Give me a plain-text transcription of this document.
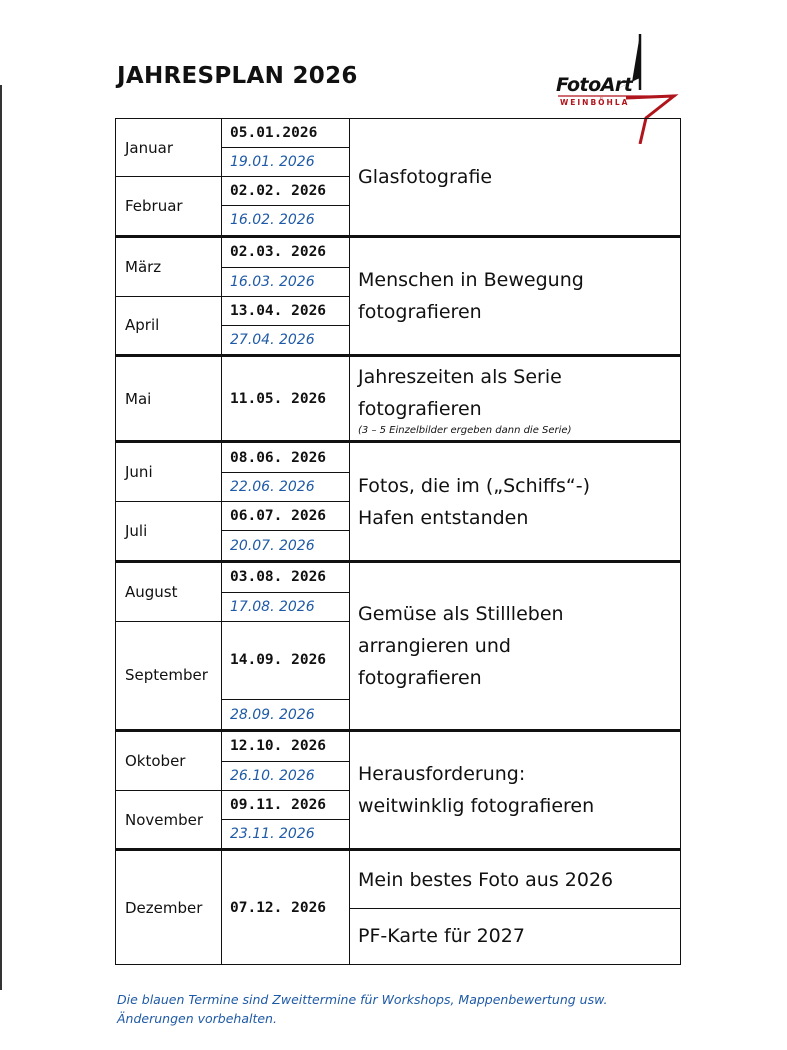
JAHRESPLAN 2026	FotoArt
WEINBÖHLA
Januar	05.01.2026	Glasfotografie
	19.01. 2026	
Februar	02.02. 2026	
	16.02. 2026	
März	02.03. 2026	Menschen in Bewegung
fotografieren

	16.03. 2026	
April	13.04. 2026	
	27.04. 2026	
Mai	11.05. 2026	Jahreszeiten als Serie
fotografieren
(3 – 5 Einzelbilder ergeben dann die Serie)

Juni	08.06. 2026	Fotos, die im („Schiffs“-)
Hafen entstanden

	22.06. 2026	
Juli	06.07. 2026	
	20.07. 2026	
August	03.08. 2026	Gemüse als Stillleben
arrangieren und
fotografieren

	17.08. 2026	
September	14.09. 2026	
	28.09. 2026	
Oktober	12.10. 2026	Herausforderung:
weitwinklig fotografieren

	26.10. 2026	
November	09.11. 2026	
	23.11. 2026	
Dezember	07.12. 2026	Mein bestes Foto aus 2026
		PF-Karte für 2027
Die blauen Termine sind Zweittermine für Workshops, Mappenbewertung usw.
Änderungen vorbehalten.
